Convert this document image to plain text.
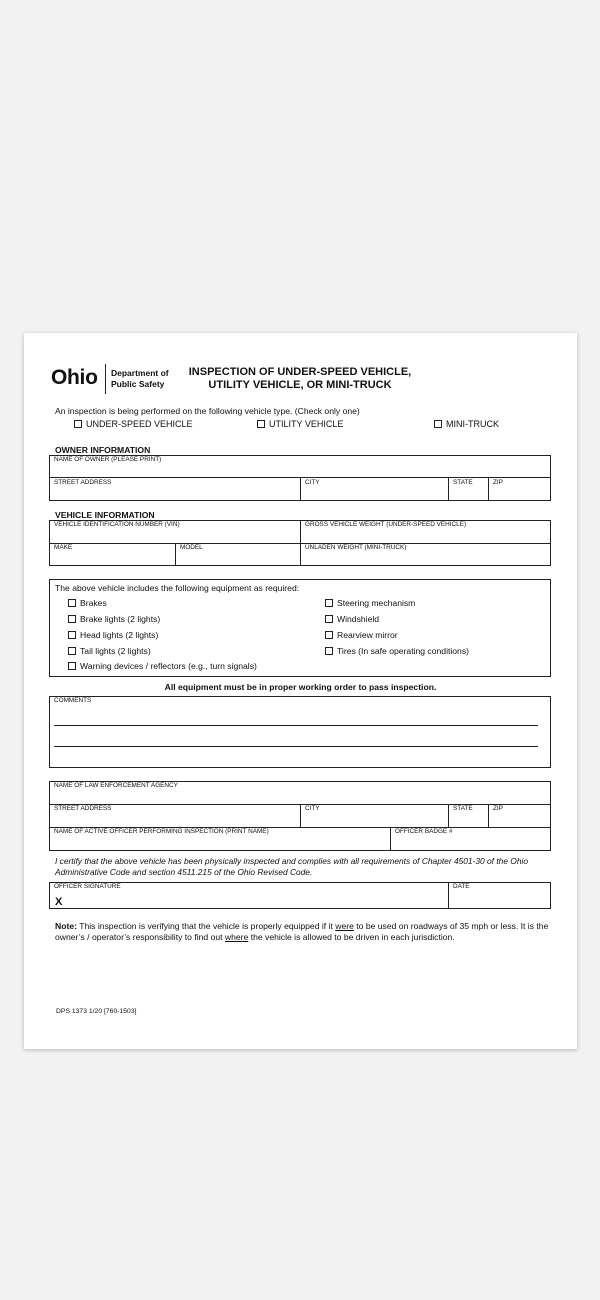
Ohio Department of
Public Safety
INSPECTION OF UNDER-SPEED VEHICLE,
UTILITY VEHICLE, OR MINI-TRUCK
An inspection is being performed on the following vehicle type. (Check only one)
UNDER-SPEED VEHICLE	UTILITY VEHICLE	MINI-TRUCK
OWNER INFORMATION
NAME OF OWNER (PLEASE PRINT)
STREET ADDRESS	CITY	STATE	ZIP
VEHICLE INFORMATION
VEHICLE IDENTIFICATION NUMBER (VIN)	GROSS VEHICLE WEIGHT (UNDER-SPEED VEHICLE)
MAKE	MODEL	UNLADEN WEIGHT (MINI-TRUCK)
The above vehicle includes the following equipment as required:
Brakes
Brake lights (2 lights)
Head lights (2 lights)
Tail lights (2 lights)
Warning devices / reflectors (e.g., turn signals)
Steering mechanism
Windshield
Rearview mirror
Tires (In safe operating conditions)
All equipment must be in proper working order to pass inspection.
COMMENTS
NAME OF LAW ENFORCEMENT AGENCY
STREET ADDRESS	CITY	STATE	ZIP
NAME OF ACTIVE OFFICER PERFORMING INSPECTION (PRINT NAME)	OFFICER BADGE #
I certify that the above vehicle has been physically inspected and complies with all requirements of Chapter 4501-30 of the Ohio Administrative Code and section 4511.215 of the Ohio Revised Code.
OFFICER SIGNATURE	DATE
X
Note: This inspection is verifying that the vehicle is properly equipped if it were to be used on roadways of 35 mph or less. It is the owner’s / operator’s responsibility to find out where the vehicle is allowed to be driven in each jurisdiction.
DPS 1373 1/20 [760-1503]
